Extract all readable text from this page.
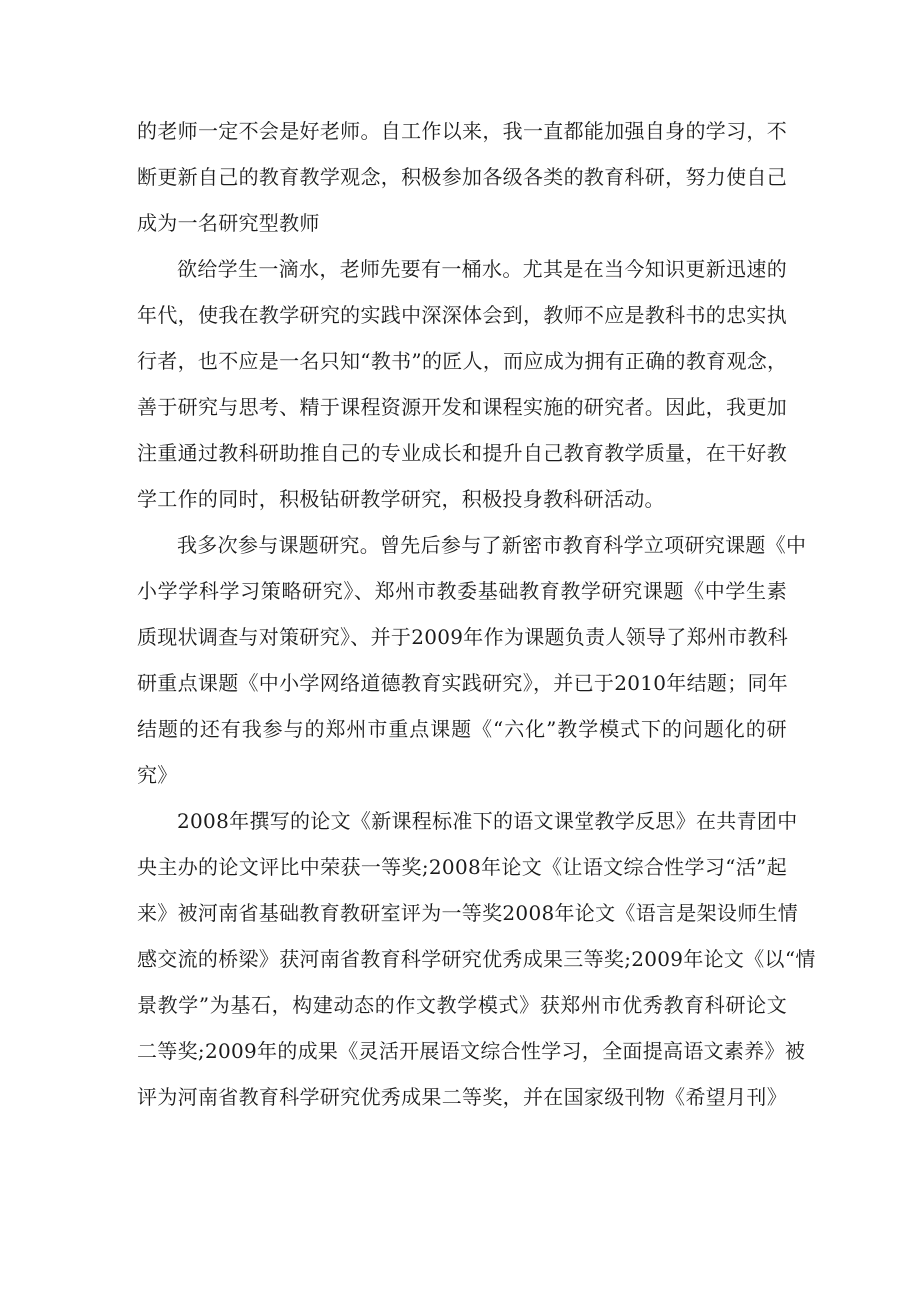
的老师一定不会是好老师。自工作以来，我一直都能加强自身的学习，不
断更新自己的教育教学观念，积极参加各级各类的教育科研，努力使自己
成为一名研究型教师
欲给学生一滴水，老师先要有一桶水。尤其是在当今知识更新迅速的
年代，使我在教学研究的实践中深深体会到，教师不应是教科书的忠实执
行者，也不应是一名只知“教书”的匠人，而应成为拥有正确的教育观念，
善于研究与思考、精于课程资源开发和课程实施的研究者。因此，我更加
注重通过教科研助推自己的专业成长和提升自己教育教学质量，在干好教
学工作的同时，积极钻研教学研究，积极投身教科研活动。
我多次参与课题研究。曾先后参与了新密市教育科学立项研究课题《中
小学学科学习策略研究》、郑州市教委基础教育教学研究课题《中学生素
质现状调查与对策研究》、并于2009年作为课题负责人领导了郑州市教科
研重点课题《中小学网络道德教育实践研究》，并已于2010年结题；同年
结题的还有我参与的郑州市重点课题《“六化”教学模式下的问题化的研
究》
2008年撰写的论文《新课程标准下的语文课堂教学反思》在共青团中
央主办的论文评比中荣获一等奖;2008年论文《让语文综合性学习“活”起
来》被河南省基础教育教研室评为一等奖2008年论文《语言是架设师生情
感交流的桥梁》获河南省教育科学研究优秀成果三等奖;2009年论文《以“情
景教学”为基石，构建动态的作文教学模式》获郑州市优秀教育科研论文
二等奖;2009年的成果《灵活开展语文综合性学习，全面提高语文素养》被
评为河南省教育科学研究优秀成果二等奖，并在国家级刊物《希望月刊》
